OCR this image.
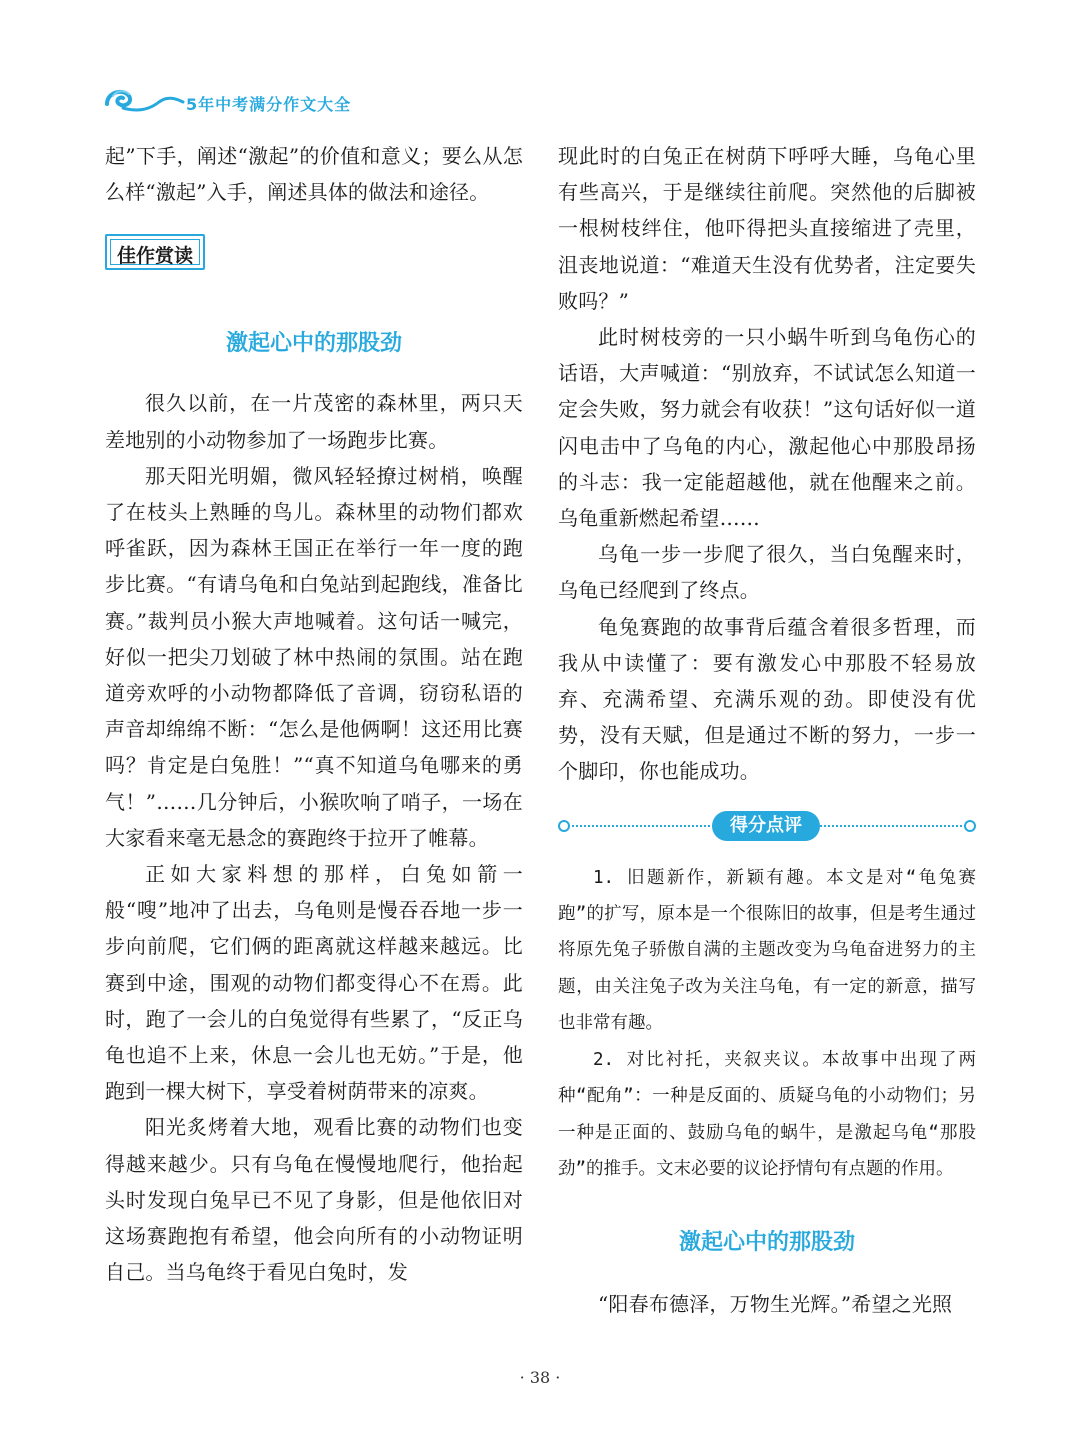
5年中考满分作文大全

起”下手，阐述“激起”的价值和意义；要么从怎么样“激起”入手，阐述具体的做法和途径。

佳作赏读
激起心中的那股劲

很久以前，在一片茂密的森林里，两只天差地别的小动物参加了一场跑步比赛。

那天阳光明媚，微风轻轻撩过树梢，唤醒了在枝头上熟睡的鸟儿。森林里的动物们都欢呼雀跃，因为森林王国正在举行一年一度的跑步比赛。“有请乌龟和白兔站到起跑线，准备比赛。”裁判员小猴大声地喊着。这句话一喊完，好似一把尖刀划破了林中热闹的氛围。站在跑道旁欢呼的小动物都降低了音调，窃窃私语的声音却绵绵不断：“怎么是他俩啊！这还用比赛吗？肯定是白兔胜！”“真不知道乌龟哪来的勇气！”……几分钟后，小猴吹响了哨子，一场在大家看来毫无悬念的赛跑终于拉开了帷幕。

正如大家料想的那样，白兔如箭一般“嗖”地冲了出去，乌龟则是慢吞吞地一步一步向前爬，它们俩的距离就这样越来越远。比赛到中途，围观的动物们都变得心不在焉。此时，跑了一会儿的白兔觉得有些累了，“反正乌龟也追不上来，休息一会儿也无妨。”于是，他跑到一棵大树下，享受着树荫带来的凉爽。

阳光炙烤着大地，观看比赛的动物们也变得越来越少。只有乌龟在慢慢地爬行，他抬起头时发现白兔早已不见了身影，但是他依旧对这场赛跑抱有希望，他会向所有的小动物证明自己。当乌龟终于看见白兔时，发

现此时的白兔正在树荫下呼呼大睡，乌龟心里有些高兴，于是继续往前爬。突然他的后脚被一根树枝绊住，他吓得把头直接缩进了壳里，沮丧地说道：“难道天生没有优势者，注定要失败吗？”

此时树枝旁的一只小蜗牛听到乌龟伤心的话语，大声喊道：“别放弃，不试试怎么知道一定会失败，努力就会有收获！”这句话好似一道闪电击中了乌龟的内心，激起他心中那股昂扬的斗志：我一定能超越他，就在他醒来之前。乌龟重新燃起希望……

乌龟一步一步爬了很久，当白兔醒来时，乌龟已经爬到了终点。

龟兔赛跑的故事背后蕴含着很多哲理，而我从中读懂了：要有激发心中那股不轻易放弃、充满希望、充满乐观的劲。即使没有优势，没有天赋，但是通过不断的努力，一步一个脚印，你也能成功。

得分点评

1. 旧题新作，新颖有趣。本文是对“龟兔赛跑”的扩写，原本是一个很陈旧的故事，但是考生通过将原先兔子骄傲自满的主题改变为乌龟奋进努力的主题，由关注兔子改为关注乌龟，有一定的新意，描写也非常有趣。

2. 对比衬托，夹叙夹议。本故事中出现了两种“配角”：一种是反面的、质疑乌龟的小动物们；另一种是正面的、鼓励乌龟的蜗牛，是激起乌龟“那股劲”的推手。文末必要的议论抒情句有点题的作用。

激起心中的那股劲

“阳春布德泽，万物生光辉。”希望之光照

· 38 ·
